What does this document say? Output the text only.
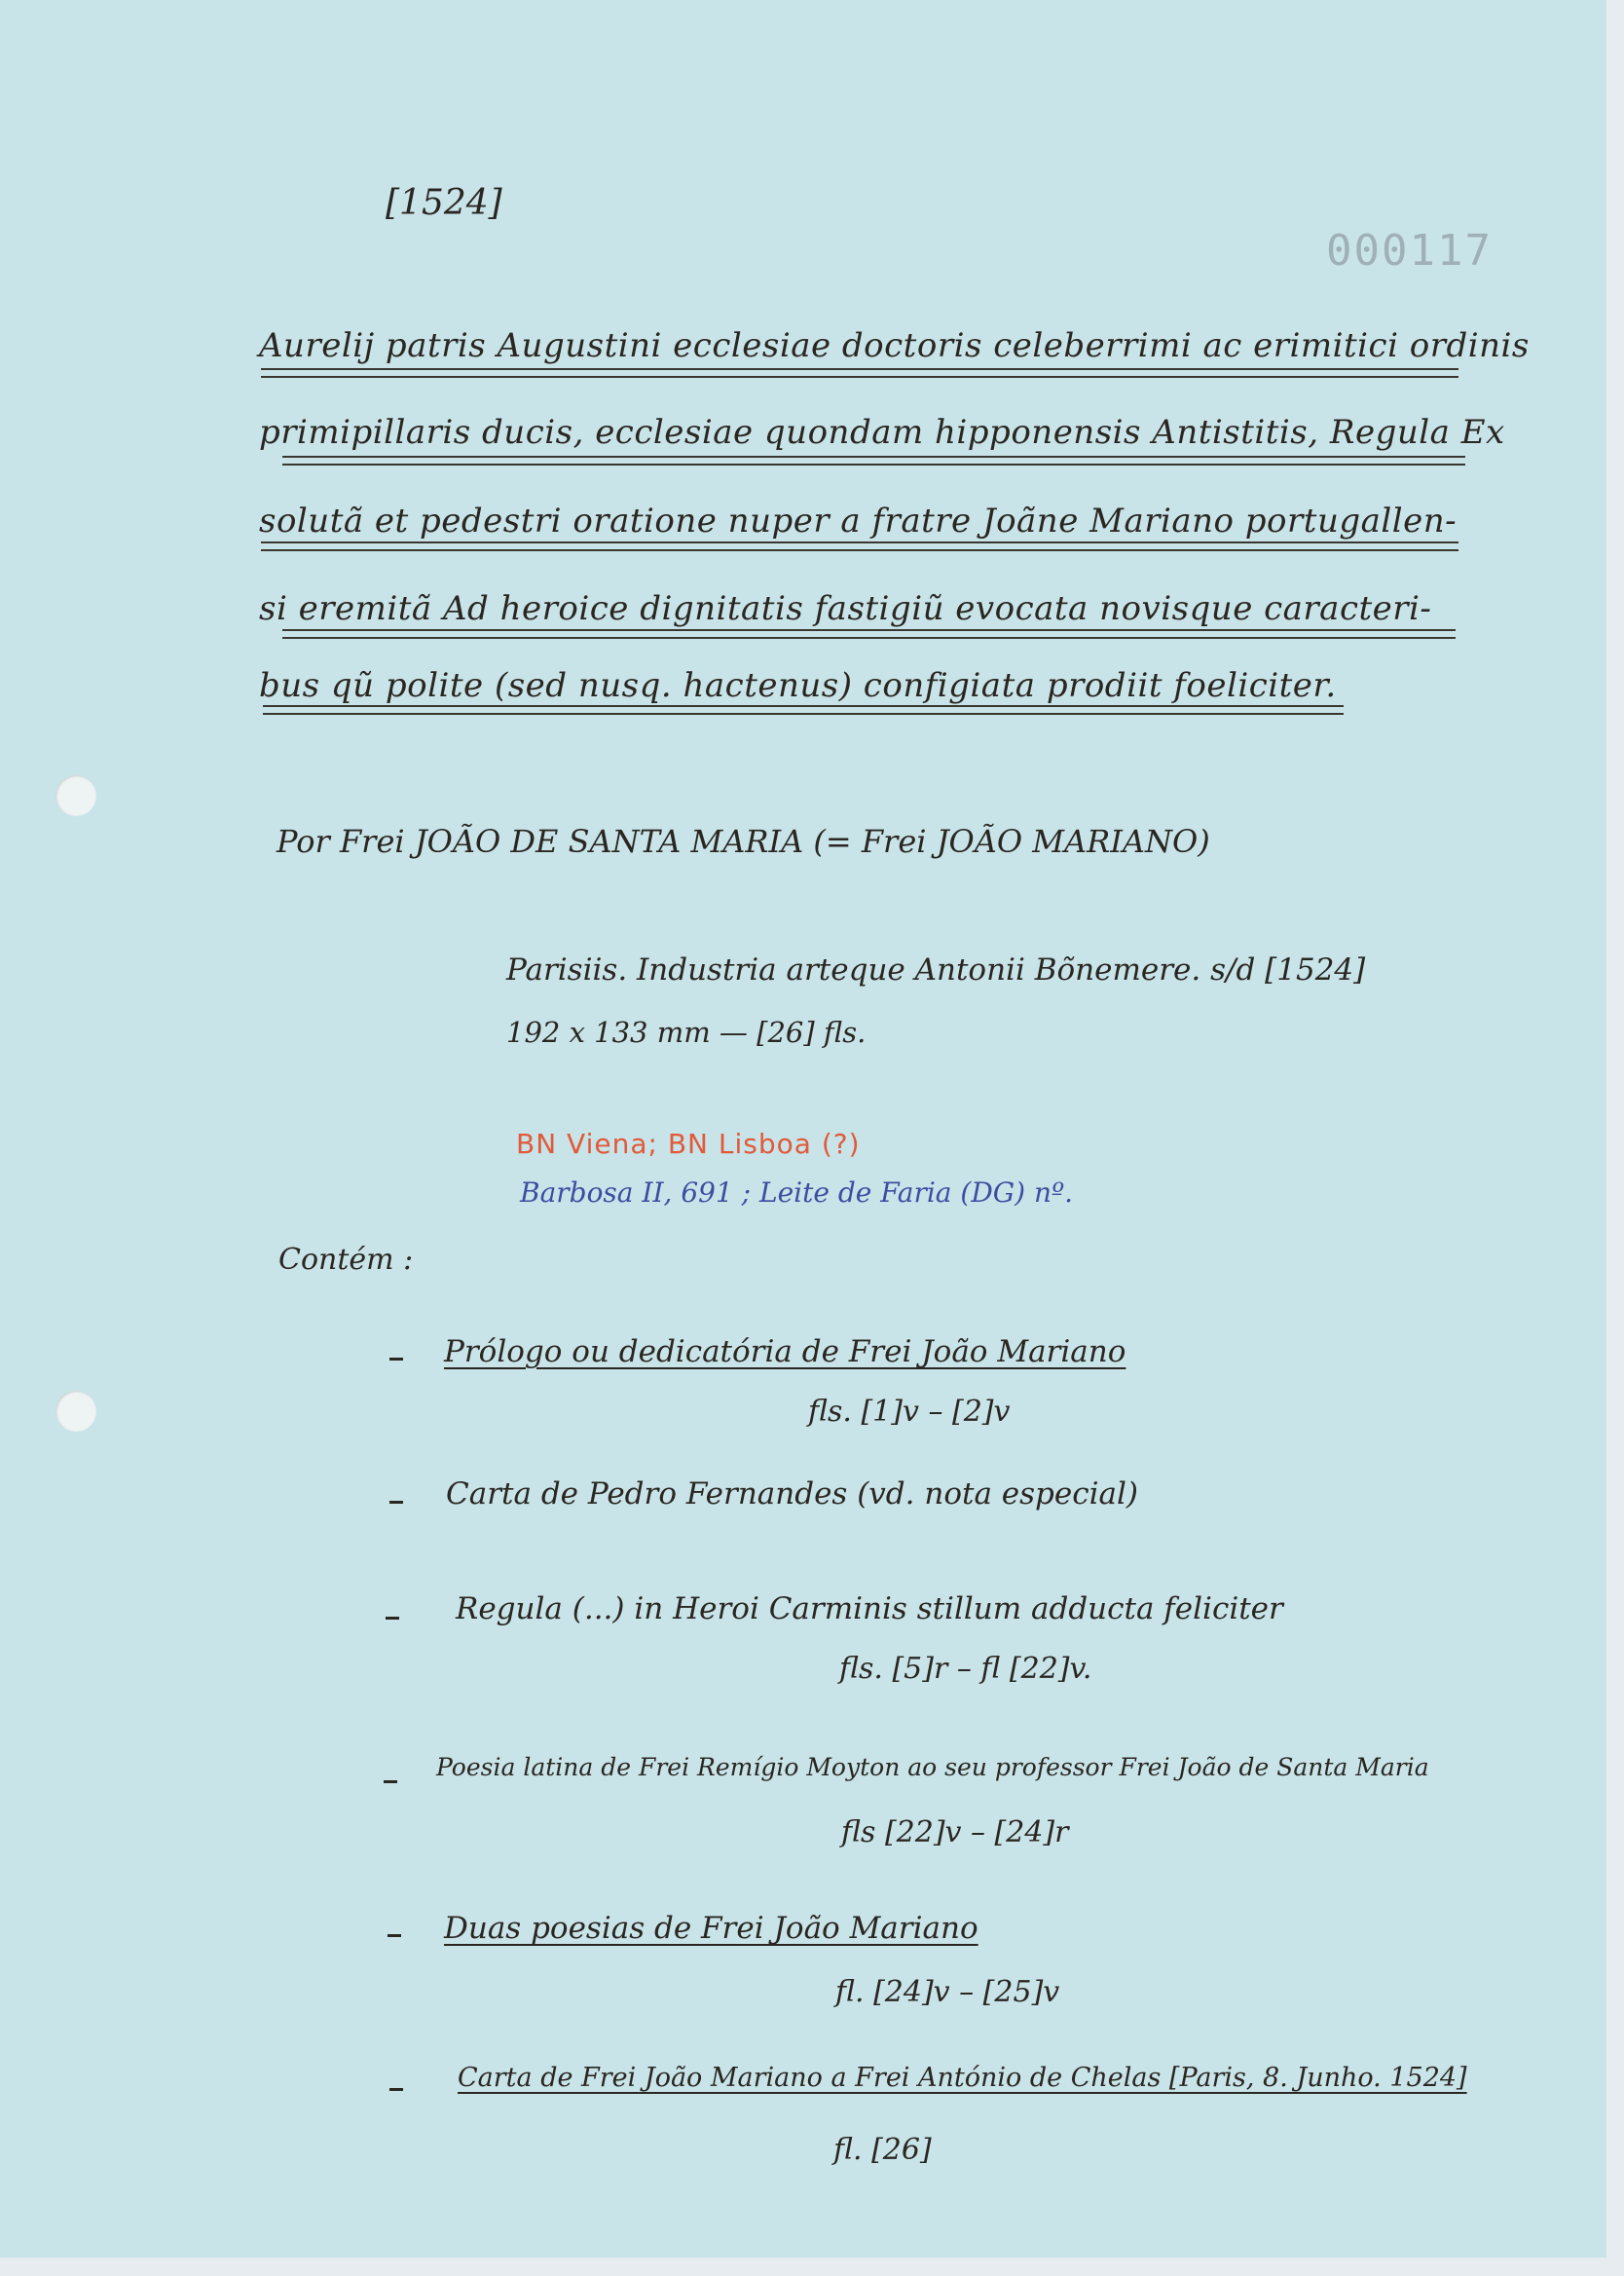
[1524]
000117
Aurelij patris Augustini ecclesiae doctoris celeberrimi ac erimitici ordinis
primipillaris ducis, ecclesiae quondam hipponensis Antistitis, Regula Ex
solutã et pedestri oratione nuper a fratre Joãne Mariano portugallen-
si eremitã Ad heroice dignitatis fastigiũ evocata novisque caracteri-
bus qũ polite (sed nusq. hactenus) configiata prodiit foeliciter.
Por Frei JOÃO DE SANTA MARIA (= Frei JOÃO MARIANO)
Parisiis. Industria arteque Antonii Bõnemere. s/d [1524]
192 x 133 mm — [26] fls.
BN Viena; BN Lisboa (?)
Barbosa II, 691 ; Leite de Faria (DG) nº.
Contém :
Prólogo ou dedicatória de Frei João Mariano
fls. [1]v – [2]v
Carta de Pedro Fernandes (vd. nota especial)
Regula (...) in Heroi Carminis stillum adducta feliciter
fls. [5]r – fl [22]v.
Poesia latina de Frei Remígio Moyton ao seu professor Frei João de Santa Maria
fls [22]v – [24]r
Duas poesias de Frei João Mariano
fl. [24]v – [25]v
Carta de Frei João Mariano a Frei António de Chelas [Paris, 8. Junho. 1524]
fl. [26]
